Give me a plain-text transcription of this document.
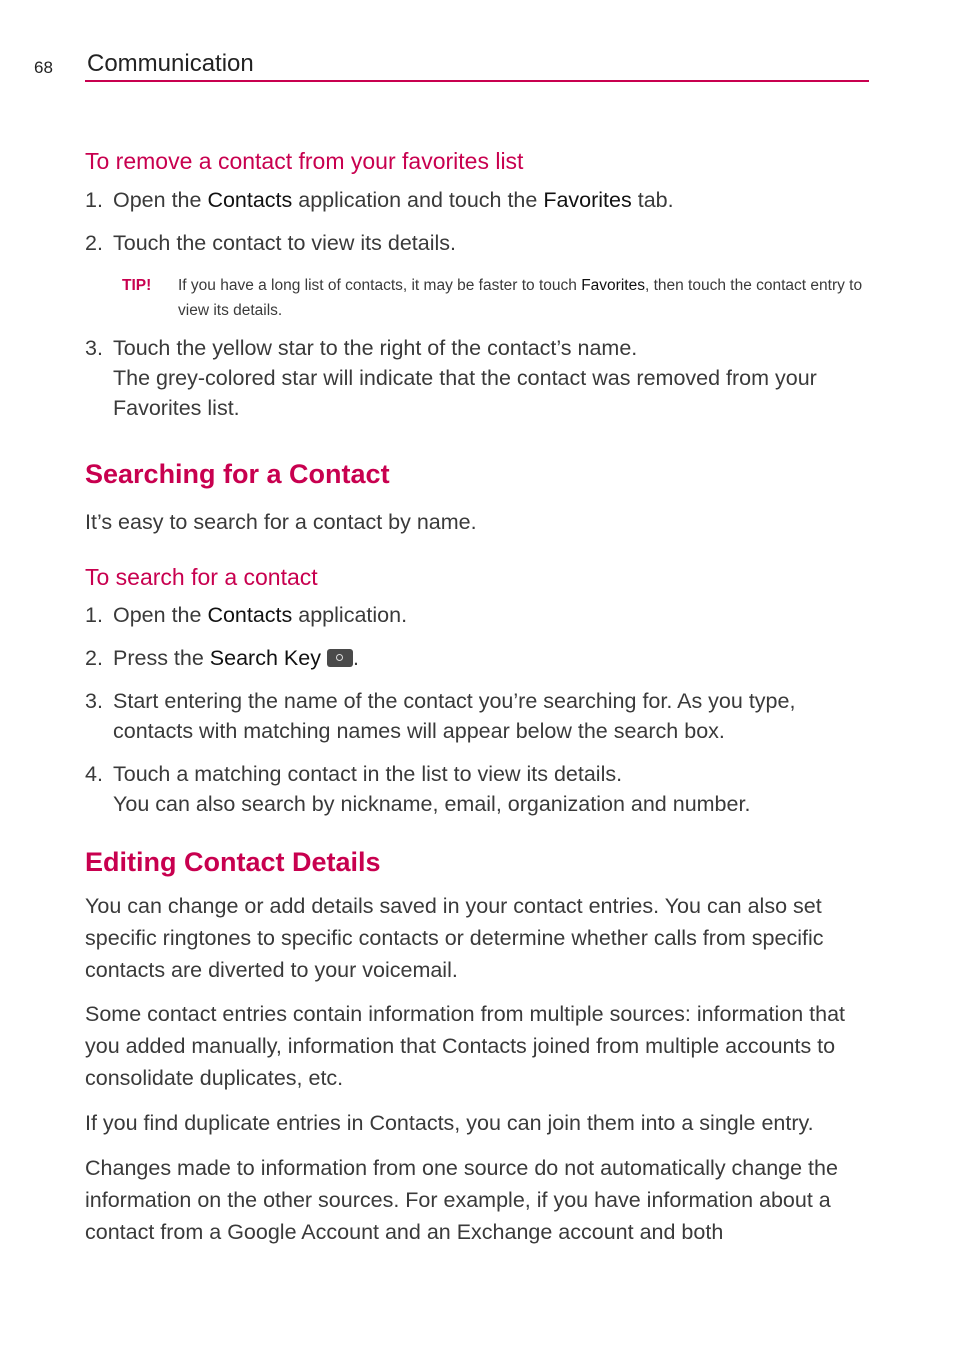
68 Communication

To remove a contact from your favorites list

1. Open the Contacts application and touch the Favorites tab.
2. Touch the contact to view its details.
TIP!	If you have a long list of contacts, it may be faster to touch Favorites, then touch the contact entry to view its details.
3. Touch the yellow star to the right of the contact’s name.
The grey-colored star will indicate that the contact was removed from your Favorites list.

Searching for a Contact

It’s easy to search for a contact by name.

To search for a contact

1. Open the Contacts application.
2. Press the Search Key .
3. Start entering the name of the contact you’re searching for. As you type, contacts with matching names will appear below the search box.
4. Touch a matching contact in the list to view its details.
You can also search by nickname, email, organization and number.

Editing Contact Details

You can change or add details saved in your contact entries. You can also set specific ringtones to specific contacts or determine whether calls from specific contacts are diverted to your voicemail.

Some contact entries contain information from multiple sources: information that you added manually, information that Contacts joined from multiple accounts to consolidate duplicates, etc.

If you find duplicate entries in Contacts, you can join them into a single entry.

Changes made to information from one source do not automatically change the information on the other sources. For example, if you have information about a contact from a Google Account and an Exchange account and both
